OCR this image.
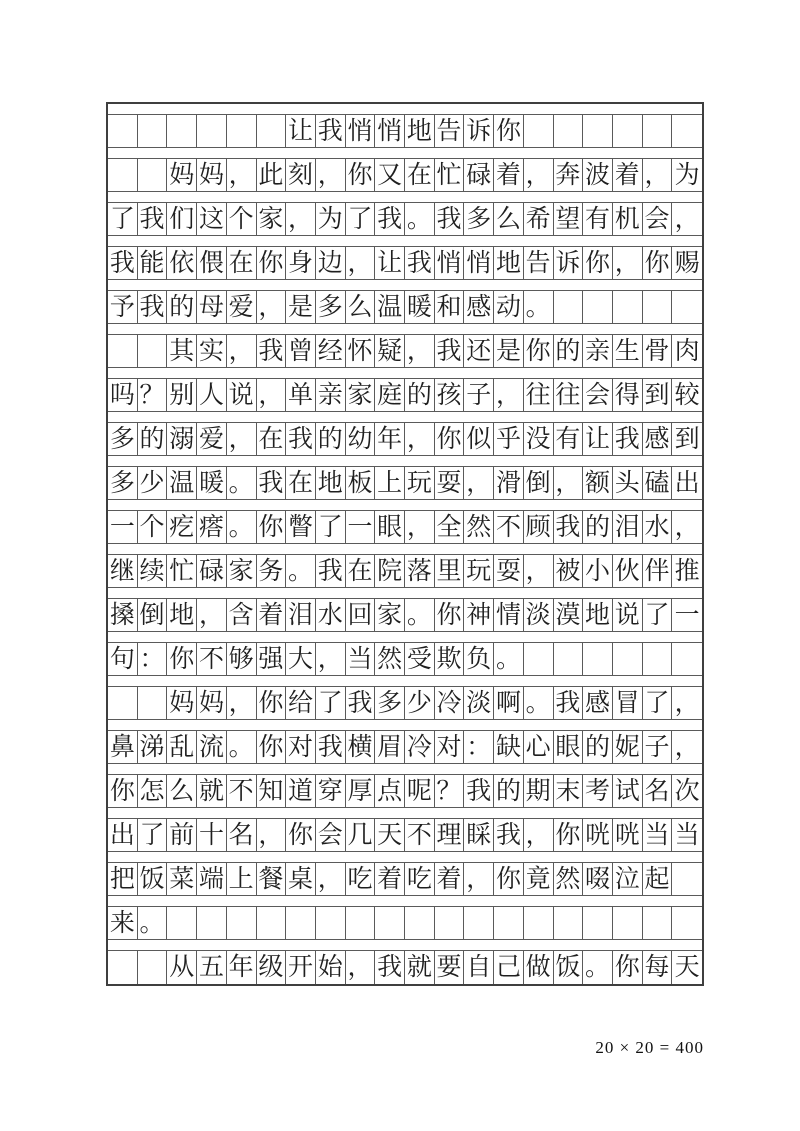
让 我 悄 悄 地 告 诉 你
妈 妈 ， 此 刻 ， 你 又 在 忙 碌 着 ， 奔 波 着 ， 为
了 我 们 这 个 家 ， 为 了 我 。 我 多 么 希 望 有 机 会 ，
我 能 依 偎 在 你 身 边 ， 让 我 悄 悄 地 告 诉 你 ， 你 赐
予 我 的 母 爱 ， 是 多 么 温 暖 和 感 动 。
其 实 ， 我 曾 经 怀 疑 ， 我 还 是 你 的 亲 生 骨 肉
吗 ？ 别 人 说 ， 单 亲 家 庭 的 孩 子 ， 往 往 会 得 到 较
多 的 溺 爱 ， 在 我 的 幼 年 ， 你 似 乎 没 有 让 我 感 到
多 少 温 暖 。 我 在 地 板 上 玩 耍 ， 滑 倒 ， 额 头 磕 出
一 个 疙 瘩 。 你 瞥 了 一 眼 ， 全 然 不 顾 我 的 泪 水 ，
继 续 忙 碌 家 务 。 我 在 院 落 里 玩 耍 ， 被 小 伙 伴 推
搡 倒 地 ， 含 着 泪 水 回 家 。 你 神 情 淡 漠 地 说 了 一
句 ： 你 不 够 强 大 ， 当 然 受 欺 负 。
妈 妈 ， 你 给 了 我 多 少 冷 淡 啊 。 我 感 冒 了 ，
鼻 涕 乱 流 。 你 对 我 横 眉 冷 对 ： 缺 心 眼 的 妮 子 ，
你 怎 么 就 不 知 道 穿 厚 点 呢 ？ 我 的 期 末 考 试 名 次
出 了 前 十 名 ， 你 会 几 天 不 理 睬 我 ， 你 咣 咣 当 当
把 饭 菜 端 上 餐 桌 ， 吃 着 吃 着 ， 你 竟 然 啜 泣 起
来 。
从 五 年 级 开 始 ， 我 就 要 自 己 做 饭 。 你 每 天
20 × 20 = 400
